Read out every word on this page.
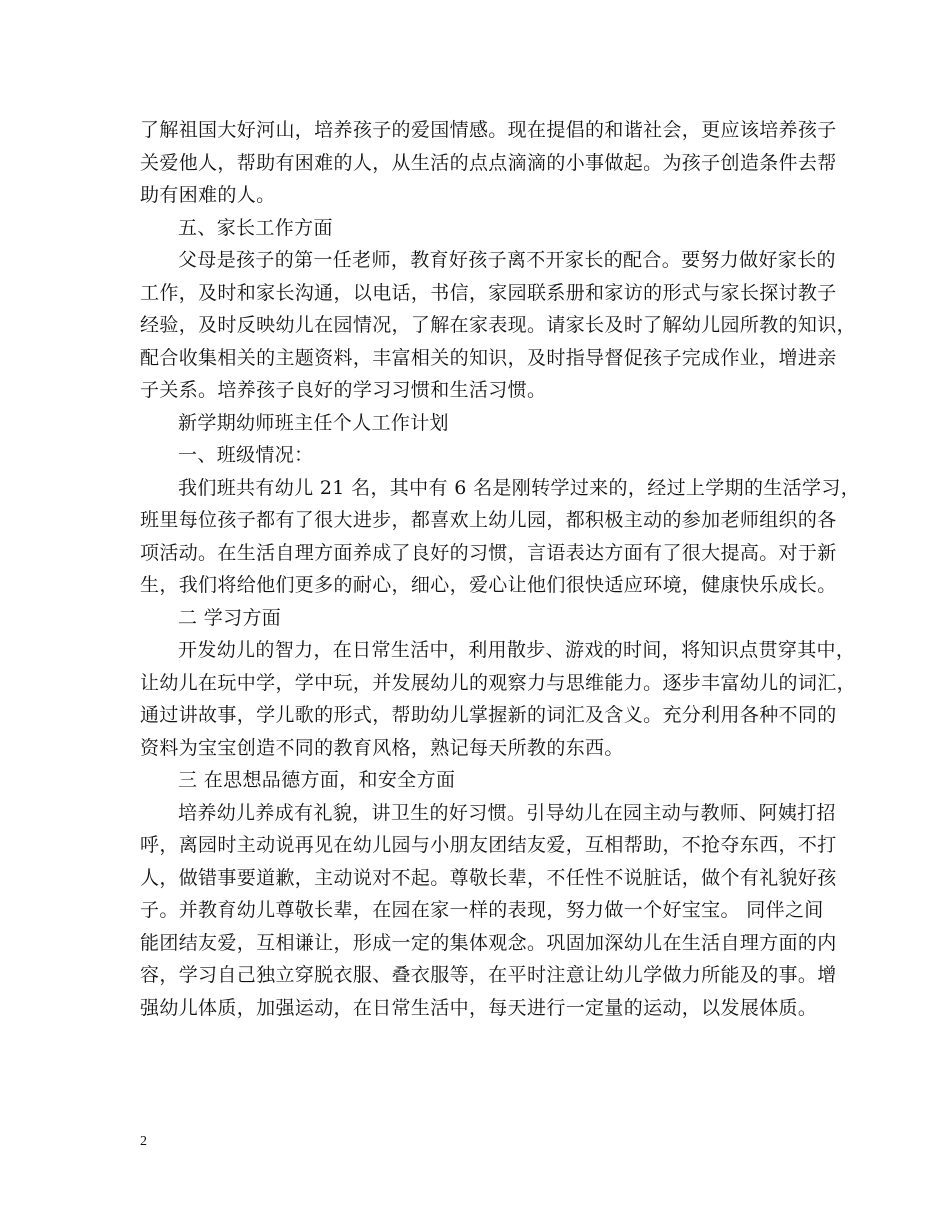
了解祖国大好河山，培养孩子的爱国情感。现在提倡的和谐社会，更应该培养孩子
关爱他人，帮助有困难的人，从生活的点点滴滴的小事做起。为孩子创造条件去帮
助有困难的人。
五、家长工作方面
父母是孩子的第一任老师，教育好孩子离不开家长的配合。要努力做好家长的
工作，及时和家长沟通，以电话，书信，家园联系册和家访的形式与家长探讨教子
经验，及时反映幼儿在园情况，了解在家表现。请家长及时了解幼儿园所教的知识，
配合收集相关的主题资料，丰富相关的知识，及时指导督促孩子完成作业，增进亲
子关系。培养孩子良好的学习习惯和生活习惯。
新学期幼师班主任个人工作计划
一、班级情况：
我们班共有幼儿 21 名，其中有 6 名是刚转学过来的，经过上学期的生活学习，
班里每位孩子都有了很大进步，都喜欢上幼儿园，都积极主动的参加老师组织的各
项活动。在生活自理方面养成了良好的习惯，言语表达方面有了很大提高。对于新
生，我们将给他们更多的耐心，细心，爱心让他们很快适应环境，健康快乐成长。
二 学习方面
开发幼儿的智力，在日常生活中，利用散步、游戏的时间，将知识点贯穿其中，
让幼儿在玩中学，学中玩，并发展幼儿的观察力与思维能力。逐步丰富幼儿的词汇，
通过讲故事，学儿歌的形式，帮助幼儿掌握新的词汇及含义。充分利用各种不同的
资料为宝宝创造不同的教育风格，熟记每天所教的东西。
三 在思想品德方面，和安全方面
培养幼儿养成有礼貌，讲卫生的好习惯。引导幼儿在园主动与教师、阿姨打招
呼，离园时主动说再见在幼儿园与小朋友团结友爱，互相帮助，不抢夺东西，不打
人，做错事要道歉，主动说对不起。尊敬长辈，不任性不说脏话，做个有礼貌好孩
子。并教育幼儿尊敬长辈，在园在家一样的表现，努力做一个好宝宝。 同伴之间
能团结友爱，互相谦让，形成一定的集体观念。巩固加深幼儿在生活自理方面的内
容，学习自己独立穿脱衣服、叠衣服等，在平时注意让幼儿学做力所能及的事。增
强幼儿体质，加强运动，在日常生活中，每天进行一定量的运动，以发展体质。
2
